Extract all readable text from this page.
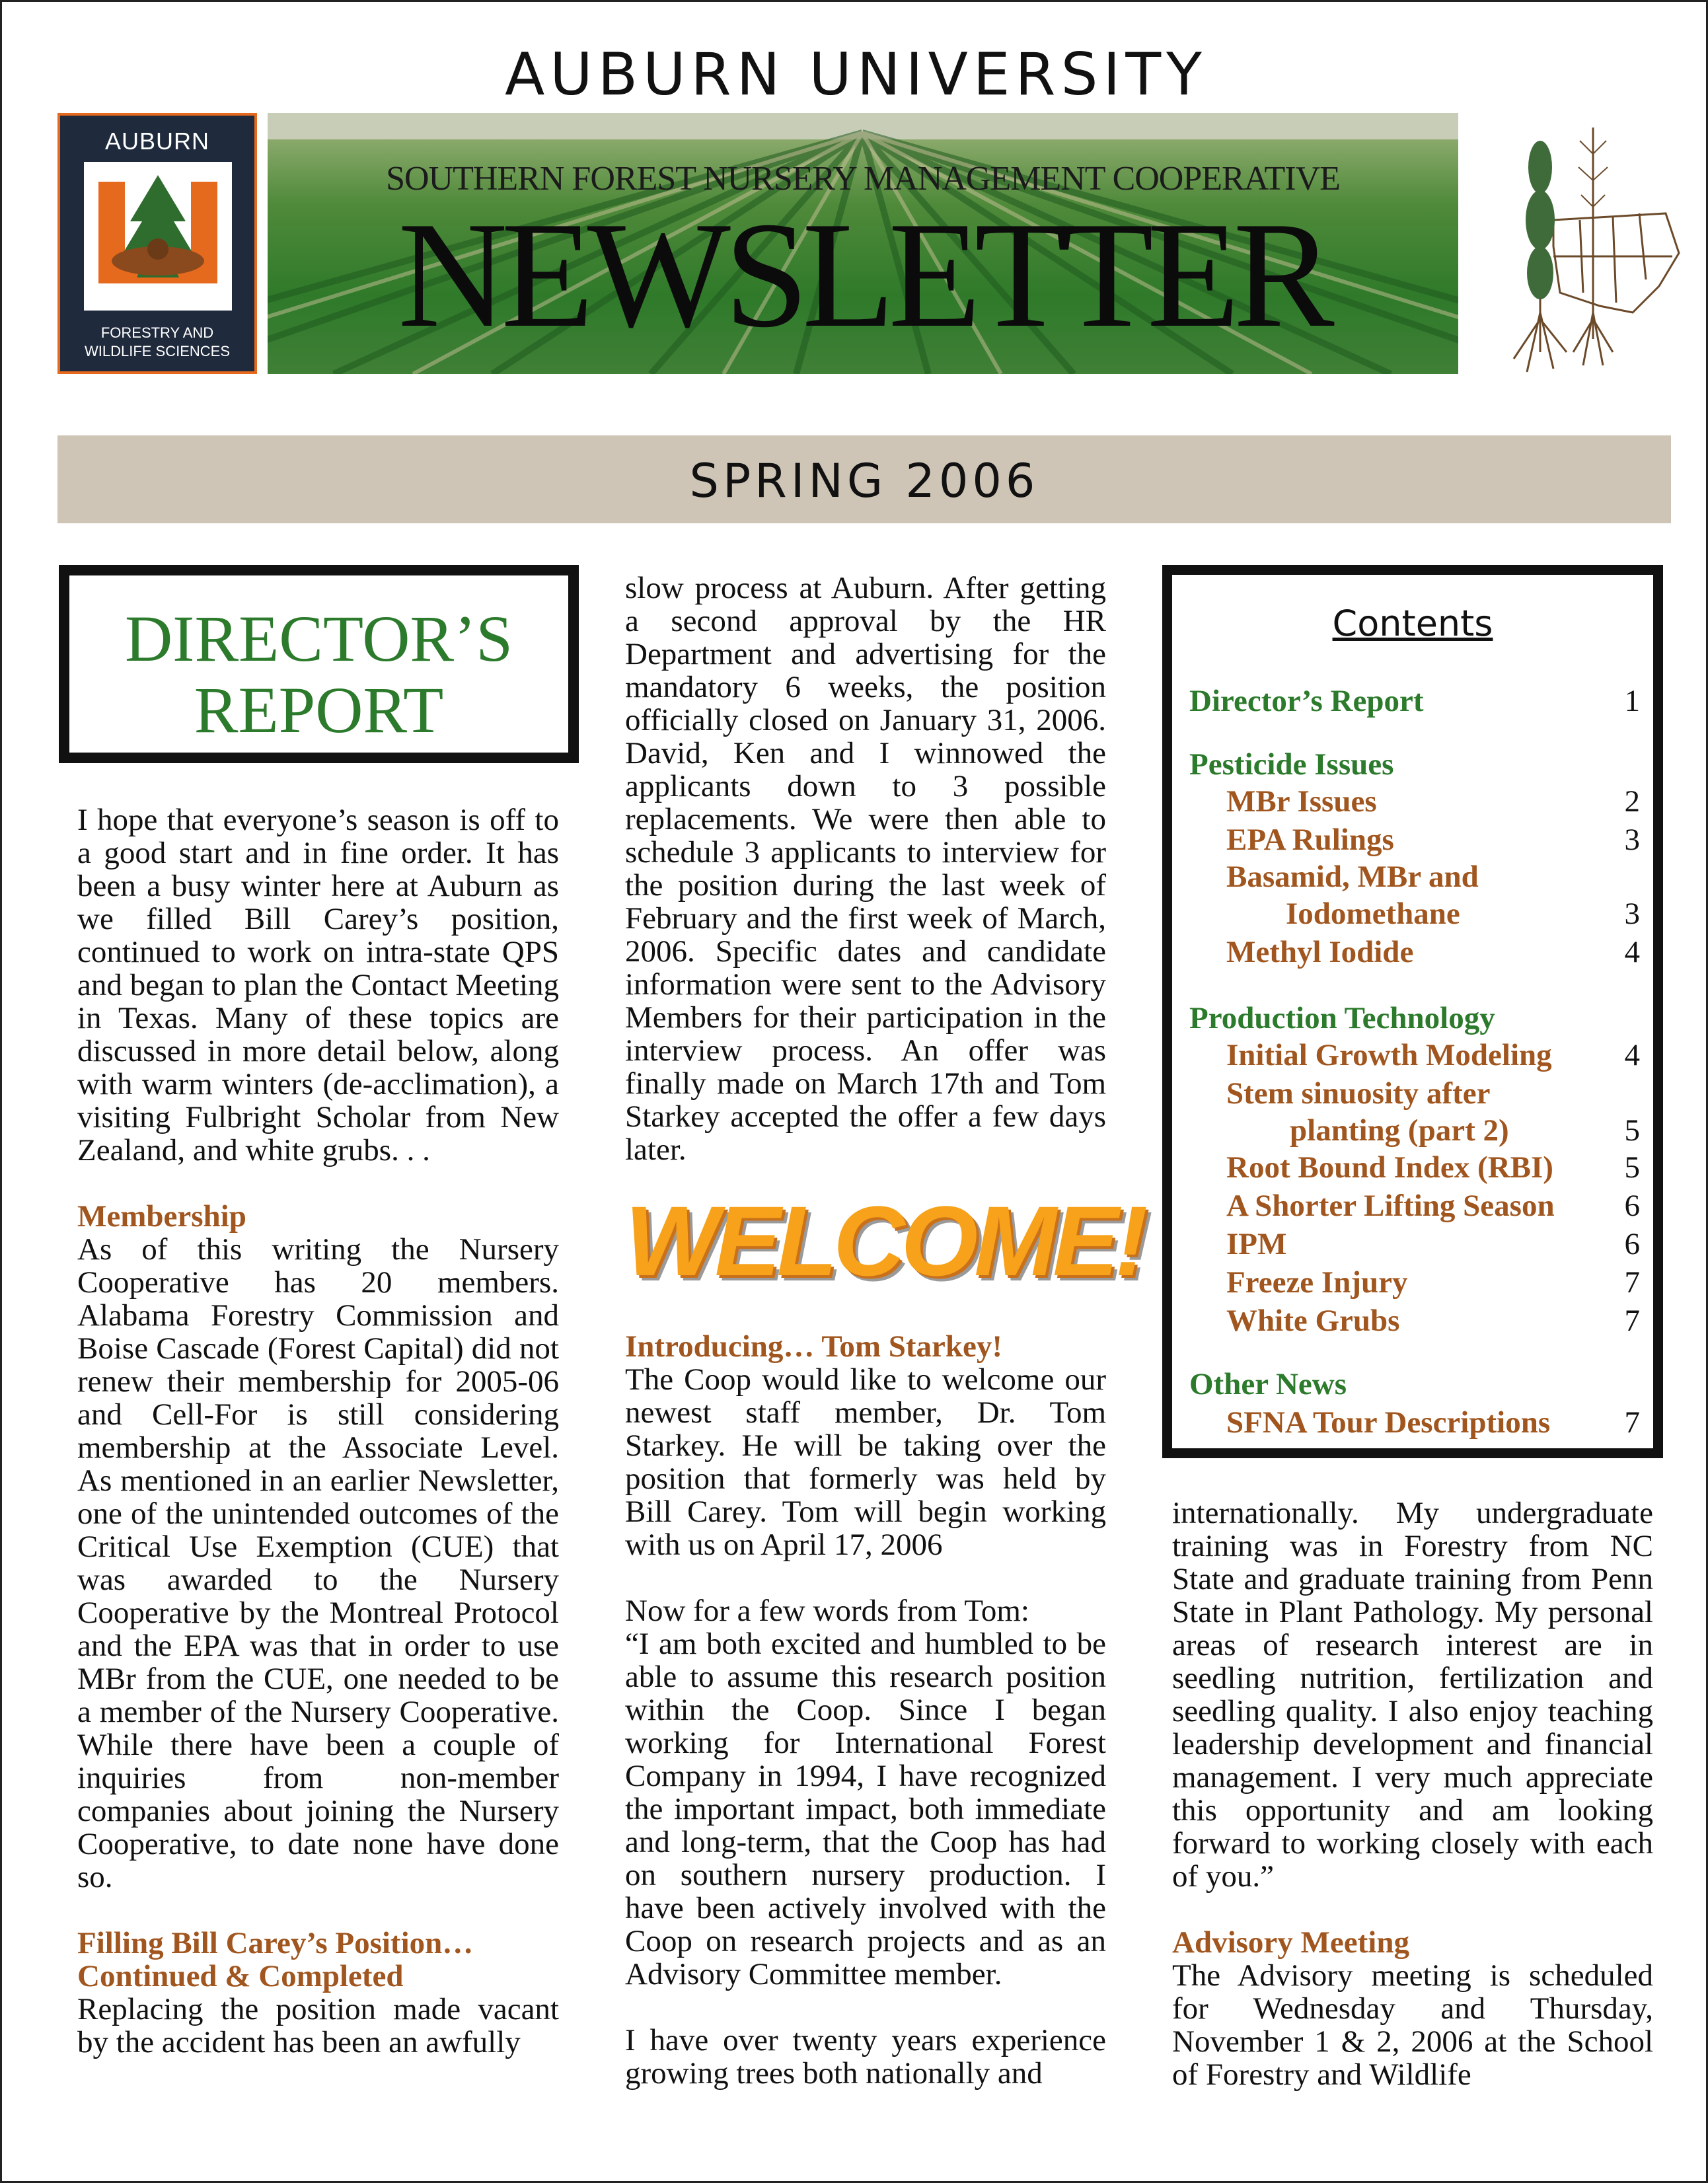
AUBURN UNIVERSITY
AUBURN
FORESTRY AND
WILDLIFE SCIENCES
SOUTHERN FOREST NURSERY MANAGEMENT COOPERATIVE
NEWSLETTER
SPRING 2006
DIRECTOR’S
REPORT

I hope that everyone’s season is off to a good start and in fine order. It has been a busy winter here at Auburn as we filled Bill Carey’s position, continued to work on intra-state QPS and began to plan the Contact Meeting in Texas. Many of these topics are discussed in more detail below, along with warm winters (de-acclimation), a visiting Fulbright Scholar from New Zealand, and white grubs. . .

Membership

As of this writing the Nursery Cooperative has 20 members. Alabama Forestry Commission and Boise Cascade (Forest Capital) did not renew their membership for 2005-06 and Cell-For is still considering membership at the Associate Level. As mentioned in an earlier Newsletter, one of the unintended outcomes of the Critical Use Exemption (CUE) that was awarded to the Nursery Cooperative by the Montreal Protocol and the EPA was that in order to use MBr from the CUE, one needed to be a member of the Nursery Cooperative. While there have been a couple of inquiries from non-member companies about joining the Nursery Cooperative, to date none have done so.

Filling Bill Carey’s Position…
Continued & Completed

Replacing the position made vacant by the accident has been an awfully

slow process at Auburn. After getting a second approval by the HR Department and advertising for the mandatory 6 weeks, the position officially closed on January 31, 2006. David, Ken and I winnowed the applicants down to 3 possible replacements. We were then able to schedule 3 applicants to interview for the position during the last week of February and the first week of March, 2006. Specific dates and candidate information were sent to the Advisory Members for their participation in the interview process. An offer was finally made on March 17th and Tom Starkey accepted the offer a few days later.

WELCOME!
Introducing… Tom Starkey!

The Coop would like to welcome our newest staff member, Dr. Tom Starkey. He will be taking over the position that formerly was held by Bill Carey. Tom will begin working with us on April 17, 2006

Now for a few words from Tom:

“I am both excited and humbled to be able to assume this research position within the Coop. Since I began working for International Forest Company in 1994, I have recognized the important impact, both immediate and long-term, that the Coop has had on southern nursery production. I have been actively involved with the Coop on research projects and as an Advisory Committee member.

I have over twenty years experience growing trees both nationally and

Contents
Director’s Report	1
Pesticide Issues
MBr Issues	2
EPA Rulings	3
Basamid, MBr and
Iodomethane	3
Methyl Iodide	4
Production Technology
Initial Growth Modeling 4
Stem sinuosity after
planting (part 2)	5
Root Bound Index (RBI) 5
A Shorter Lifting Season 6
IPM	6
Freeze Injury	7
White Grubs	7
Other News
SFNA Tour Descriptions 7

internationally. My undergraduate training was in Forestry from NC State and graduate training from Penn State in Plant Pathology. My personal areas of research interest are in seedling nutrition, fertilization and seedling quality. I also enjoy teaching leadership development and financial management. I very much appreciate this opportunity and am looking forward to working closely with each of you.”

Advisory Meeting

The Advisory meeting is scheduled for Wednesday and Thursday, November 1 & 2, 2006 at the School of Forestry and Wildlife
